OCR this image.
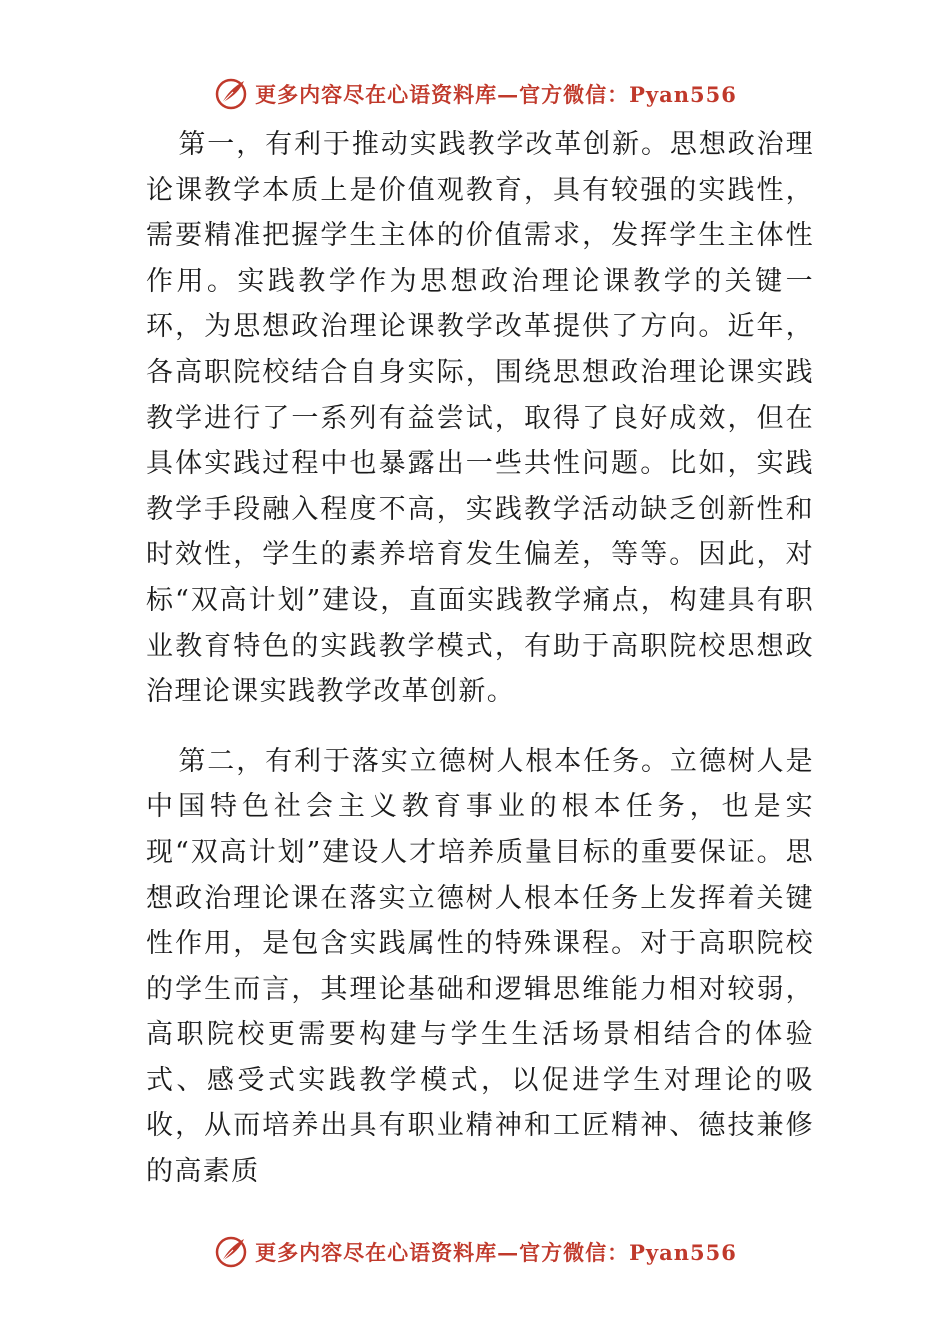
更多内容尽在心语资料库—官方微信：Pyan556

第一，有利于推动实践教学改革创新。思想政治理论课教学本质上是价值观教育，具有较强的实践性，需要精准把握学生主体的价值需求，发挥学生主体性作用。实践教学作为思想政治理论课教学的关键一环，为思想政治理论课教学改革提供了方向。近年，各高职院校结合自身实际，围绕思想政治理论课实践教学进行了一系列有益尝试，取得了良好成效，但在具体实践过程中也暴露出一些共性问题。比如，实践教学手段融入程度不高，实践教学活动缺乏创新性和时效性，学生的素养培育发生偏差，等等。因此，对标“双高计划”建设，直面实践教学痛点，构建具有职业教育特色的实践教学模式，有助于高职院校思想政治理论课实践教学改革创新。

第二，有利于落实立德树人根本任务。立德树人是中国特色社会主义教育事业的根本任务，也是实现“双高计划”建设人才培养质量目标的重要保证。思想政治理论课在落实立德树人根本任务上发挥着关键性作用，是包含实践属性的特殊课程。对于高职院校的学生而言，其理论基础和逻辑思维能力相对较弱，高职院校更需要构建与学生生活场景相结合的体验式、感受式实践教学模式，以促进学生对理论的吸收，从而培养出具有职业精神和工匠精神、德技兼修的高素质

更多内容尽在心语资料库—官方微信：Pyan556
